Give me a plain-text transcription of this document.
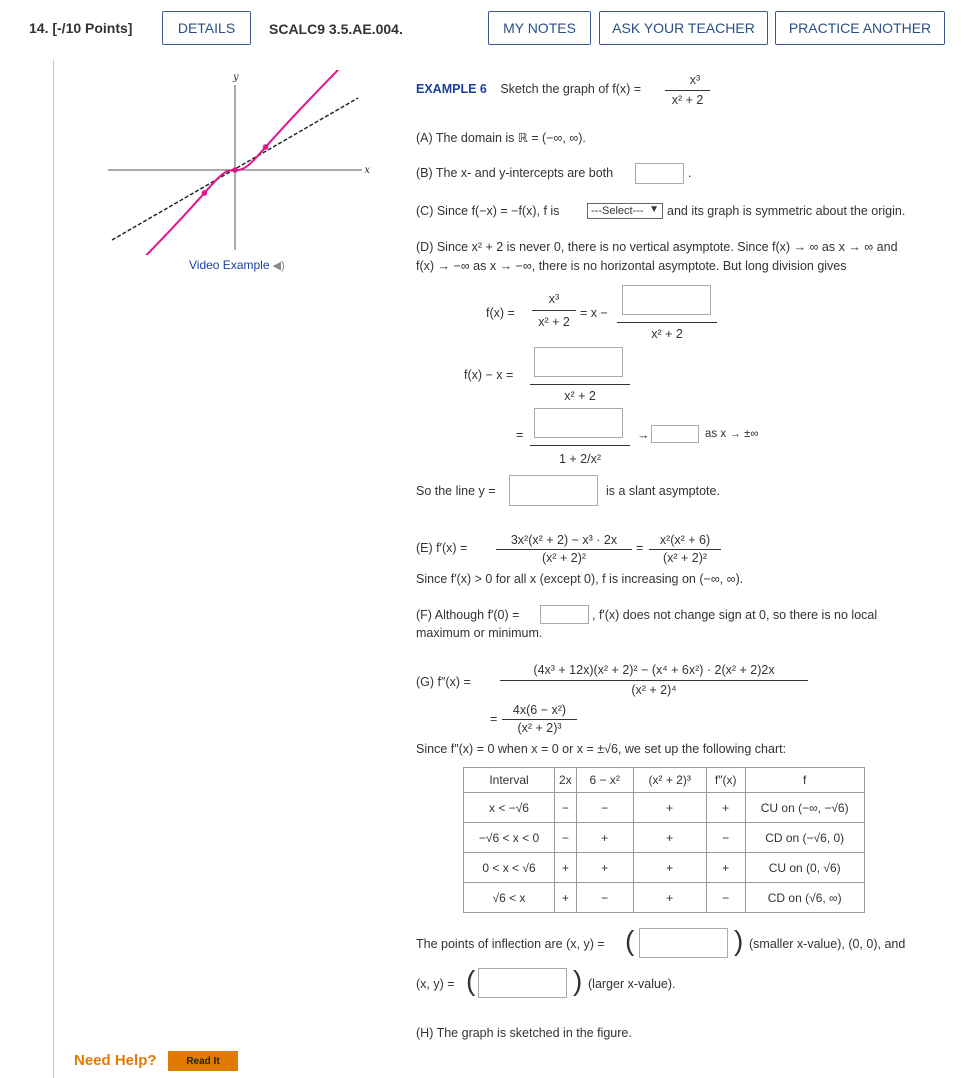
14. [-/10 Points]	DETAILS	SCALC9 3.5.AE.004.	MY NOTES	ASK YOUR TEACHER	PRACTICE ANOTHER
y
x
Video Example ◀)
EXAMPLE 6 Sketch the graph of f(x) =
x³
x² + 2
(A) The domain is ℝ = (−∞, ∞).
(B) The x- and y-intercepts are both	.
(C) Since f(−x) = −f(x), f is	---Select--- ▼ and its graph is symmetric about the origin.
(D) Since x² + 2 is never 0, there is no vertical asymptote. Since f(x) → ∞ as x → ∞ and
f(x) → −∞ as x → −∞, there is no horizontal asymptote. But long division gives
f(x) =
x³
x² + 2
= x −
x² + 2
f(x) − x =
x² + 2
=
1 + 2/x²
→	as x → ±∞
So the line y =	is a slant asymptote.
(E) f′(x) =
3x²(x² + 2) − x³ · 2x
(x² + 2)²
=
x²(x² + 6)
(x² + 2)²
Since f′(x) > 0 for all x (except 0), f is increasing on (−∞, ∞).
(F) Although f′(0) =	, f′(x) does not change sign at 0, so there is no local
maximum or minimum.
(G) f″(x) =
(4x³ + 12x)(x² + 2)² − (x⁴ + 6x²) · 2(x² + 2)2x
(x² + 2)⁴
=
4x(6 − x²)
(x² + 2)³
Since f″(x) = 0 when x = 0 or x = ±√6, we set up the following chart:
Interval	2x	6 − x²	(x² + 2)³	f″(x)	f
x < −√6	−	−	+	+	CU on (−∞, −√6)
−√6 < x < 0	−	+	+	−	CD on (−√6, 0)
0 < x < √6	+	+	+	+	CU on (0, √6)
√6 < x	+	−	+	−	CD on (√6, ∞)
The points of inflection are (x, y) = (	) (smaller x-value), (0, 0), and
(x, y) = (	) (larger x-value).
(H) The graph is sketched in the figure.
Need Help?	Read It
